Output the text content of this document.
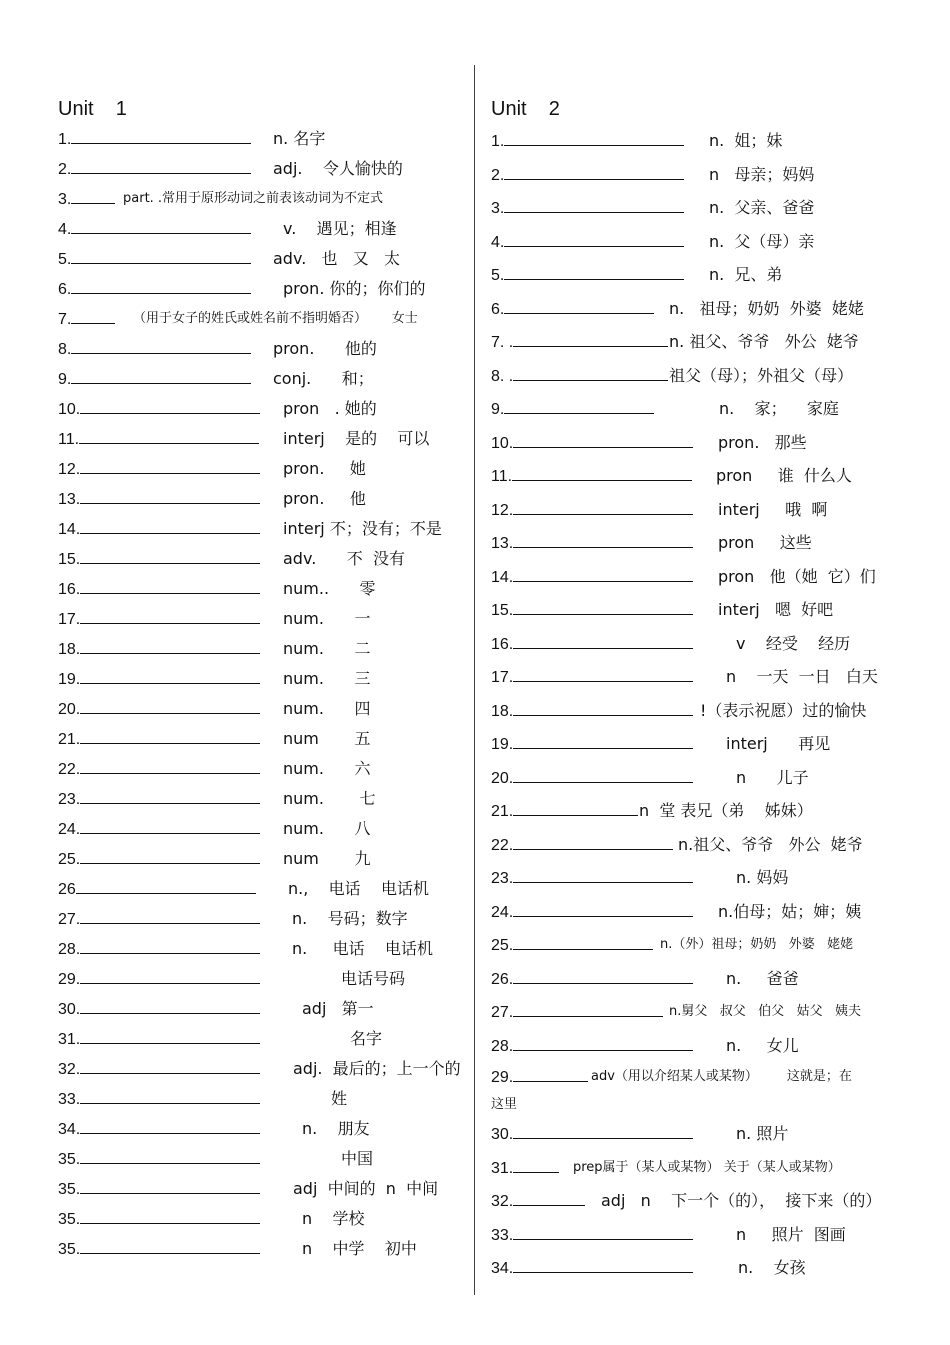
Unit    1
1.	n. 名字
2.	adj.    令人愉快的
3.	part. .常用于原形动词之前表该动词为不定式
4.	v.    遇见；相逢
5.	adv.   也   又   太
6.	pron. 你的；你们的
7.	（用于女子的姓氏或姓名前不指明婚否）      女士
8.	pron.      他的
9.	conj.      和；
10.	pron   . 她的
11.	interj    是的    可以
12.	pron.     她
13.	pron.     他
14.	interj 不；没有；不是
15.	adv.      不  没有
16.	num..      零
17.	num.      一
18.	num.      二
19.	num.      三
20.	num.      四
21.	num       五
22.	num.      六
23.	num.       七
24.	num.      八
25.	num       九
26	n.,    电话    电话机
27.	n.    号码；数字
28.	n.     电话    电话机
29.	电话号码
30.	adj   第一
31.	名字
32.	adj.  最后的；上一个的
33.	姓
34.	n.    朋友
35.	中国
35.	adj  中间的  n  中间
35.	n    学校
35.	n    中学    初中
Unit    2
1.	n.  姐；妹
2.	n   母亲；妈妈
3.	n.  父亲、爸爸
4.	n.  父（母）亲
5.	n.  兄、弟
6.	n.   祖母；奶奶  外婆  姥姥
7. .	n. 祖父、爷爷   外公  姥爷
8. .	祖父（母）；外祖父（母）
9.	n.    家；    家庭
10.	pron.   那些
11.	pron     谁  什么人
12.	interj     哦  啊
13.	pron     这些
14.	pron   他（她  它）们
15.	interj   嗯  好吧
16.	v    经受    经历
17.	n    一天  一日   白天
18.	!（表示祝愿）过的愉快
19.	interj      再见
20.	n      儿子
21.	n  堂 表兄（弟    姊妹）
22.	n.祖父、爷爷   外公  姥爷
23.	n. 妈妈
24.	n.伯母；姑；婶；姨
25.	n.（外）祖母；奶奶   外婆   姥姥
26.	n.     爸爸
27.	n.舅父   叔父   伯父   姑父   姨夫
28.	n.     女儿
29.	adv（用以介绍某人或某物）       这就是；在
这里
30.	n. 照片
31.	prep属于（某人或某物） 关于（某人或某物）
32.	adj   n    下一个（的），  接下来（的）
33.	n     照片  图画
34.	n.    女孩
